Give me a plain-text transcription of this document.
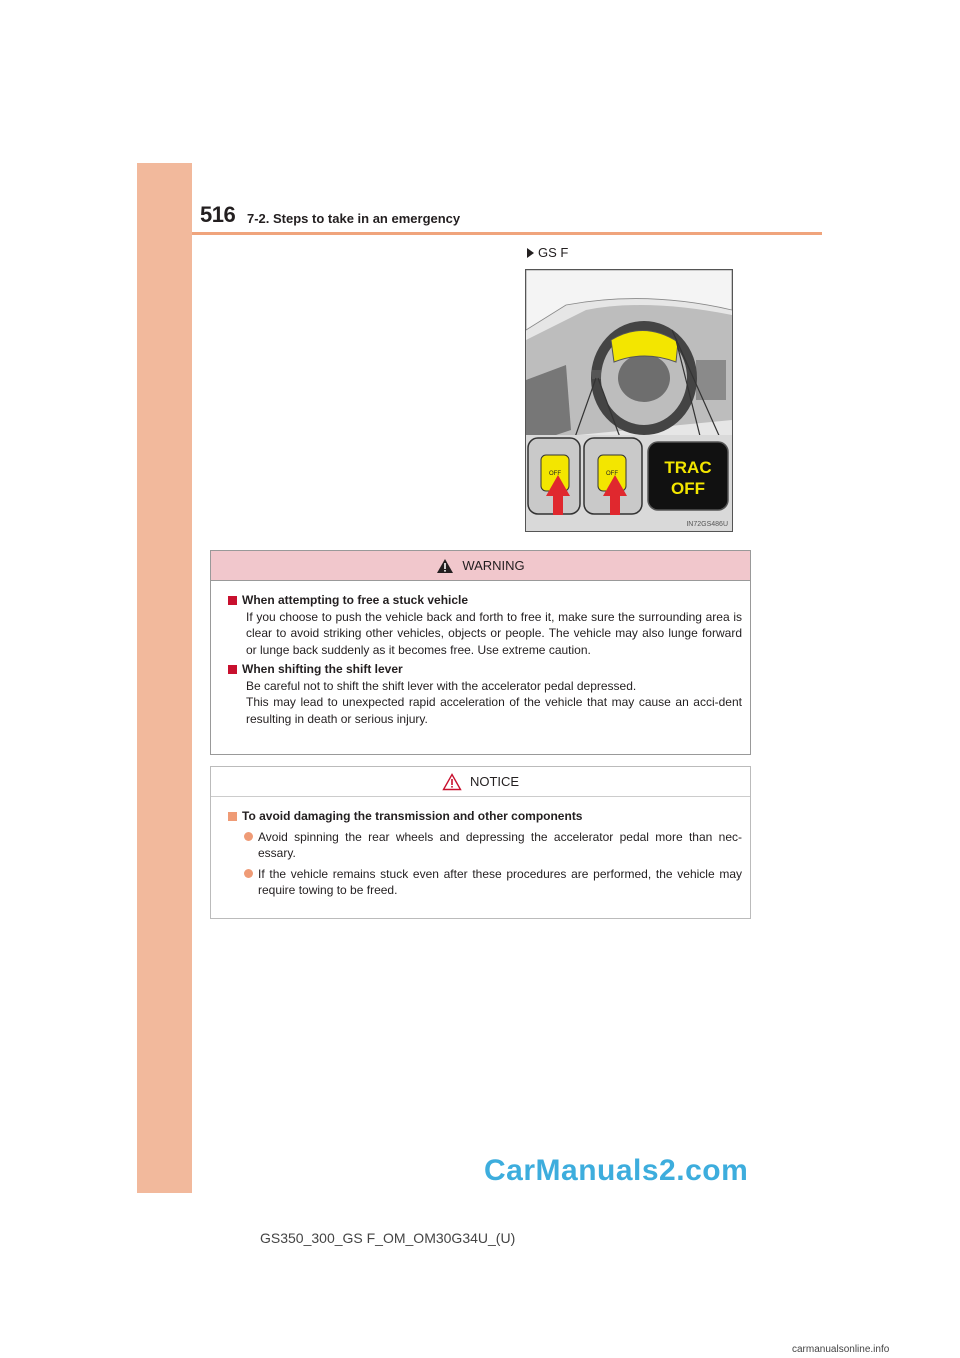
516 7-2. Steps to take in an emergency
GS F
OFF	OFF	TRAC
OFF
IN72GS486U
WARNING
When attempting to free a stuck vehicle
If you choose to push the vehicle back and forth to free it, make sure the surrounding area is clear to avoid striking other vehicles, objects or people. The vehicle may also lunge forward or lunge back suddenly as it becomes free. Use extreme caution.
When shifting the shift lever
Be careful not to shift the shift lever with the accelerator pedal depressed.
This may lead to unexpected rapid acceleration of the vehicle that may cause an acci-dent resulting in death or serious injury.
NOTICE
To avoid damaging the transmission and other components
Avoid spinning the rear wheels and depressing the accelerator pedal more than nec-essary.
If the vehicle remains stuck even after these procedures are performed, the vehicle may require towing to be freed.
CarManuals2.com
GS350_300_GS F_OM_OM30G34U_(U)
carmanualsonline.info
